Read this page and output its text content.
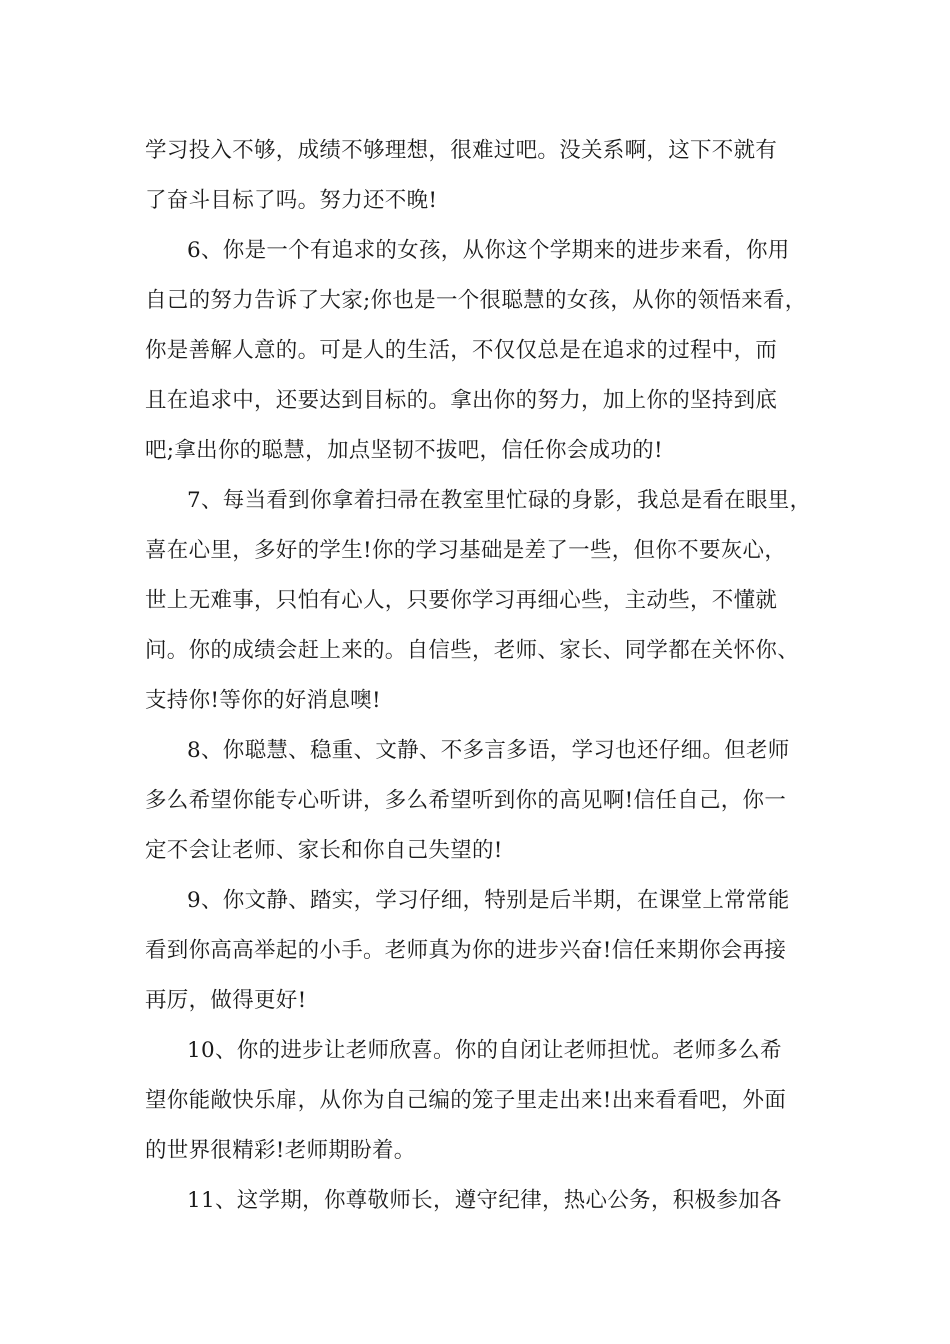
学习投入不够，成绩不够理想，很难过吧。没关系啊，这下不就有
了奋斗目标了吗。努力还不晚!
6、你是一个有追求的女孩，从你这个学期来的进步来看，你用
自己的努力告诉了大家;你也是一个很聪慧的女孩，从你的领悟来看，
你是善解人意的。可是人的生活，不仅仅总是在追求的过程中，而
且在追求中，还要达到目标的。拿出你的努力，加上你的坚持到底
吧;拿出你的聪慧，加点坚韧不拔吧，信任你会成功的!
7、每当看到你拿着扫帚在教室里忙碌的身影，我总是看在眼里，
喜在心里，多好的学生!你的学习基础是差了一些，但你不要灰心，
世上无难事，只怕有心人，只要你学习再细心些，主动些，不懂就
问。你的成绩会赶上来的。自信些，老师、家长、同学都在关怀你、
支持你!等你的好消息噢!
8、你聪慧、稳重、文静、不多言多语，学习也还仔细。但老师
多么希望你能专心听讲，多么希望听到你的高见啊!信任自己，你一
定不会让老师、家长和你自己失望的!
9、你文静、踏实，学习仔细，特别是后半期，在课堂上常常能
看到你高高举起的小手。老师真为你的进步兴奋!信任来期你会再接
再厉，做得更好!
10、你的进步让老师欣喜。你的自闭让老师担忧。老师多么希
望你能敞快乐扉，从你为自己编的笼子里走出来!出来看看吧，外面
的世界很精彩!老师期盼着。
11、这学期，你尊敬师长，遵守纪律，热心公务，积极参加各
